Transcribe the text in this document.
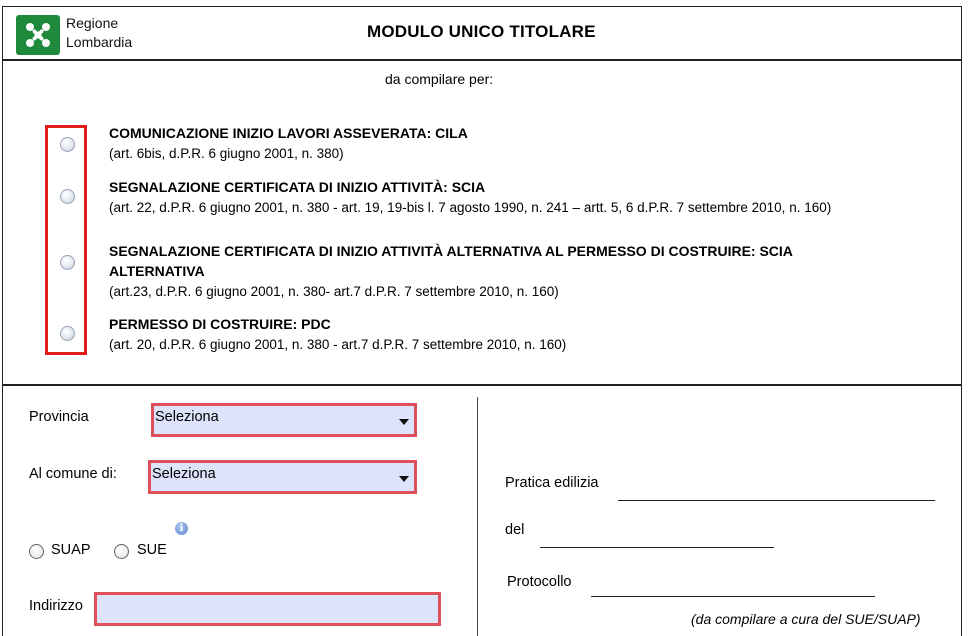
Regione
Lombardia
MODULO UNICO TITOLARE
da compilare per:
COMUNICAZIONE INIZIO LAVORI ASSEVERATA: CILA
(art. 6bis, d.P.R. 6 giugno 2001, n. 380)
SEGNALAZIONE CERTIFICATA DI INIZIO ATTIVITÀ: SCIA
(art. 22, d.P.R. 6 giugno 2001, n. 380 - art. 19, 19-bis l. 7 agosto 1990, n. 241 – artt. 5, 6 d.P.R. 7 settembre 2010, n. 160)
SEGNALAZIONE CERTIFICATA DI INIZIO ATTIVITÀ ALTERNATIVA AL PERMESSO DI COSTRUIRE: SCIA ALTERNATIVA
(art.23, d.P.R. 6 giugno 2001, n. 380- art.7 d.P.R. 7 settembre 2010, n. 160)
PERMESSO DI COSTRUIRE: PDC
(art. 20, d.P.R. 6 giugno 2001, n. 380 - art.7 d.P.R. 7 settembre 2010, n. 160)
Provincia	Seleziona
Al comune di: Seleziona
i
SUAP	SUE
Indirizzo
Pratica edilizia
del
Protocollo
(da compilare a cura del SUE/SUAP)
